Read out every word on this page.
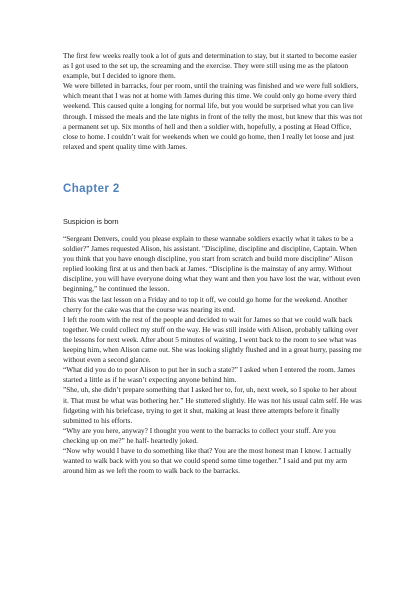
The first few weeks really took a lot of guts and determination to stay, but it started to become easier as I got used to the set up, the screaming and the exercise. They were still using me as the platoon example, but I decided to ignore them.

We were billeted in barracks, four per room, until the training was finished and we were full soldiers, which meant that I was not at home with James during this time. We could only go home every third weekend. This caused quite a longing for normal life, but you would be surprised what you can live through. I missed the meals and the late nights in front of the telly the most, but knew that this was not a permanent set up. Six months of hell and then a soldier with, hopefully, a posting at Head Office, close to home. I couldn’t wait for weekends when we could go home, then I really let loose and just relaxed and spent quality time with James.

Chapter 2

Suspicion is born

“Sergeant Denvers, could you please explain to these wannabe soldiers exactly what it takes to be a soldier?” James requested Alison, his assistant. "Discipline, discipline and discipline, Captain. When you think that you have enough discipline, you start from scratch and build more discipline" Alison replied looking first at us and then back at James. “Discipline is the mainstay of any army. Without discipline, you will have everyone doing what they want and then you have lost the war, without even beginning,” he continued the lesson.

This was the last lesson on a Friday and to top it off, we could go home for the weekend. Another cherry for the cake was that the course was nearing its end.

I left the room with the rest of the people and decided to wait for James so that we could walk back together. We could collect my stuff on the way. He was still inside with Alison, probably talking over the lessons for next week. After about 5 minutes of waiting, I went back to the room to see what was keeping him, when Alison came out. She was looking slightly flushed and in a great hurry, passing me without even a second glance.

“What did you do to poor Alison to put her in such a state?” I asked when I entered the room. James started a little as if he wasn’t expecting anyone behind him.

”She, uh, she didn’t prepare something that I asked her to, for, uh, next week, so I spoke to her about it. That must be what was bothering her.” He stuttered slightly. He was not his usual calm self. He was fidgeting with his briefcase, trying to get it shut, making at least three attempts before it finally submitted to his efforts.

“Why are you here, anyway? I thought you went to the barracks to collect your stuff. Are you checking up on me?” he half- heartedly joked.

“Now why would I have to do something like that? You are the most honest man I know. I actually wanted to walk back with you so that we could spend some time together.” I said and put my arm around him as we left the room to walk back to the barracks.
